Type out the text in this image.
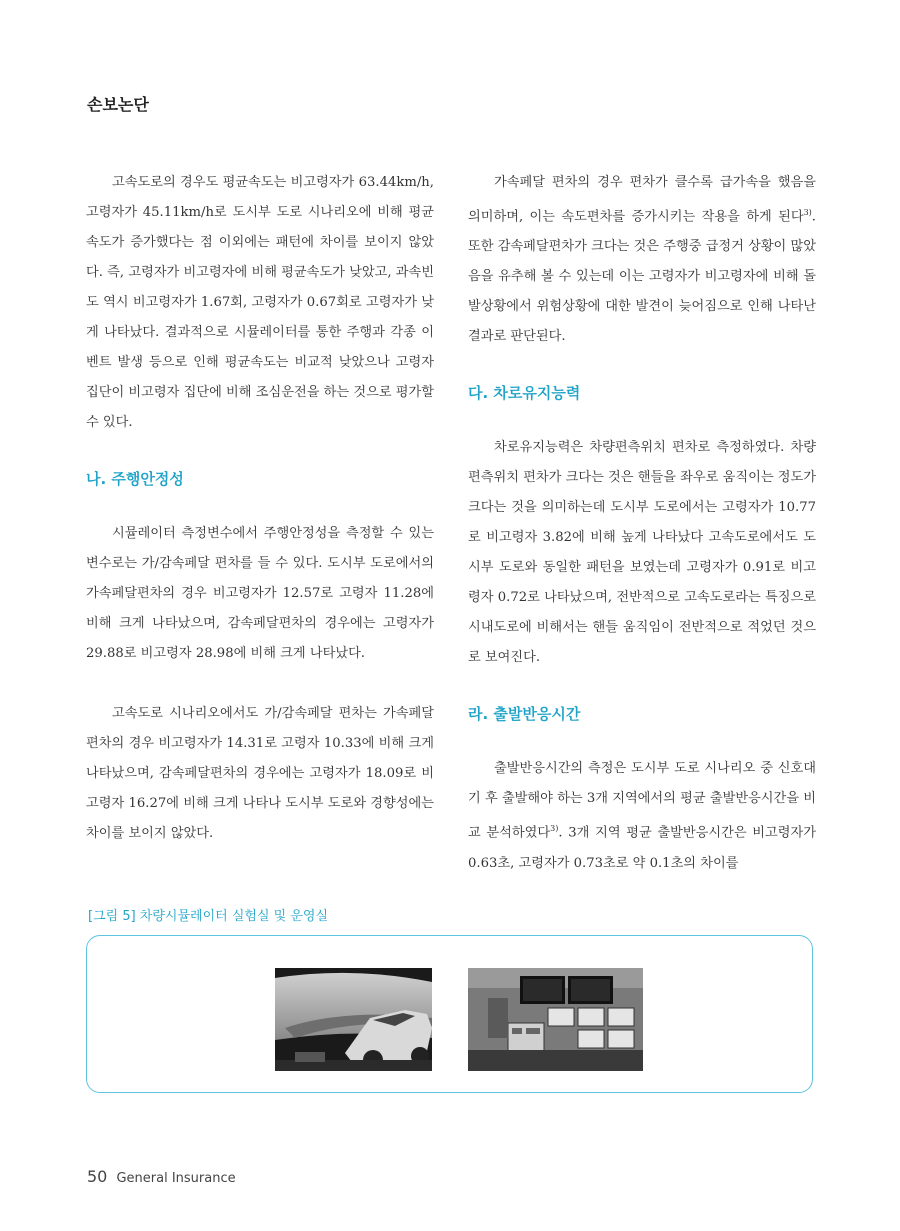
손보논단

고속도로의 경우도 평균속도는 비고령자가 63.44km/h, 고령자가 45.11km/h로 도시부 도로 시나리오에 비해 평균속도가 증가했다는 점 이외에는 패턴에 차이를 보이지 않았다. 즉, 고령자가 비고령자에 비해 평균속도가 낮았고, 과속빈도 역시 비고령자가 1.67회, 고령자가 0.67회로 고령자가 낮게 나타났다. 결과적으로 시뮬레이터를 통한 주행과 각종 이벤트 발생 등으로 인해 평균속도는 비교적 낮았으나 고령자 집단이 비고령자 집단에 비해 조심운전을 하는 것으로 평가할 수 있다.

나. 주행안정성

시뮬레이터 측정변수에서 주행안정성을 측정할 수 있는 변수로는 가/감속페달 편차를 들 수 있다. 도시부 도로에서의 가속페달편차의 경우 비고령자가 12.57로 고령자 11.28에 비해 크게 나타났으며, 감속페달편차의 경우에는 고령자가 29.88로 비고령자 28.98에 비해 크게 나타났다.

고속도로 시나리오에서도 가/감속페달 편차는 가속페달편차의 경우 비고령자가 14.31로 고령자 10.33에 비해 크게 나타났으며, 감속페달편차의 경우에는 고령자가 18.09로 비고령자 16.27에 비해 크게 나타나 도시부 도로와 경향성에는 차이를 보이지 않았다.

가속페달 편차의 경우 편차가 클수록 급가속을 했음을 의미하며, 이는 속도편차를 증가시키는 작용을 하게 된다$^{3)}$. 또한 감속페달편차가 크다는 것은 주행중 급정거 상황이 많았음을 유추해 볼 수 있는데 이는 고령자가 비고령자에 비해 돌발상황에서 위험상황에 대한 발견이 늦어짐으로 인해 나타난 결과로 판단된다.

다. 차로유지능력

차로유지능력은 차량편측위치 편차로 측정하였다. 차량편측위치 편차가 크다는 것은 핸들을 좌우로 움직이는 정도가 크다는 것을 의미하는데 도시부 도로에서는 고령자가 10.77로 비고령자 3.82에 비해 높게 나타났다 고속도로에서도 도시부 도로와 동일한 패턴을 보였는데 고령자가 0.91로 비고령자 0.72로 나타났으며, 전반적으로 고속도로라는 특징으로 시내도로에 비해서는 핸들 움직임이 전반적으로 적었던 것으로 보여진다.

라. 출발반응시간

출발반응시간의 측정은 도시부 도로 시나리오 중 신호대기 후 출발해야 하는 3개 지역에서의 평균 출발반응시간을 비교 분석하였다$^{3)}$. 3개 지역 평균 출발반응시간은 비고령자가 0.63초, 고령자가 0.73초로 약 0.1초의 차이를

[그림 5] 차량시뮬레이터 실험실 및 운영실
50 General Insurance
